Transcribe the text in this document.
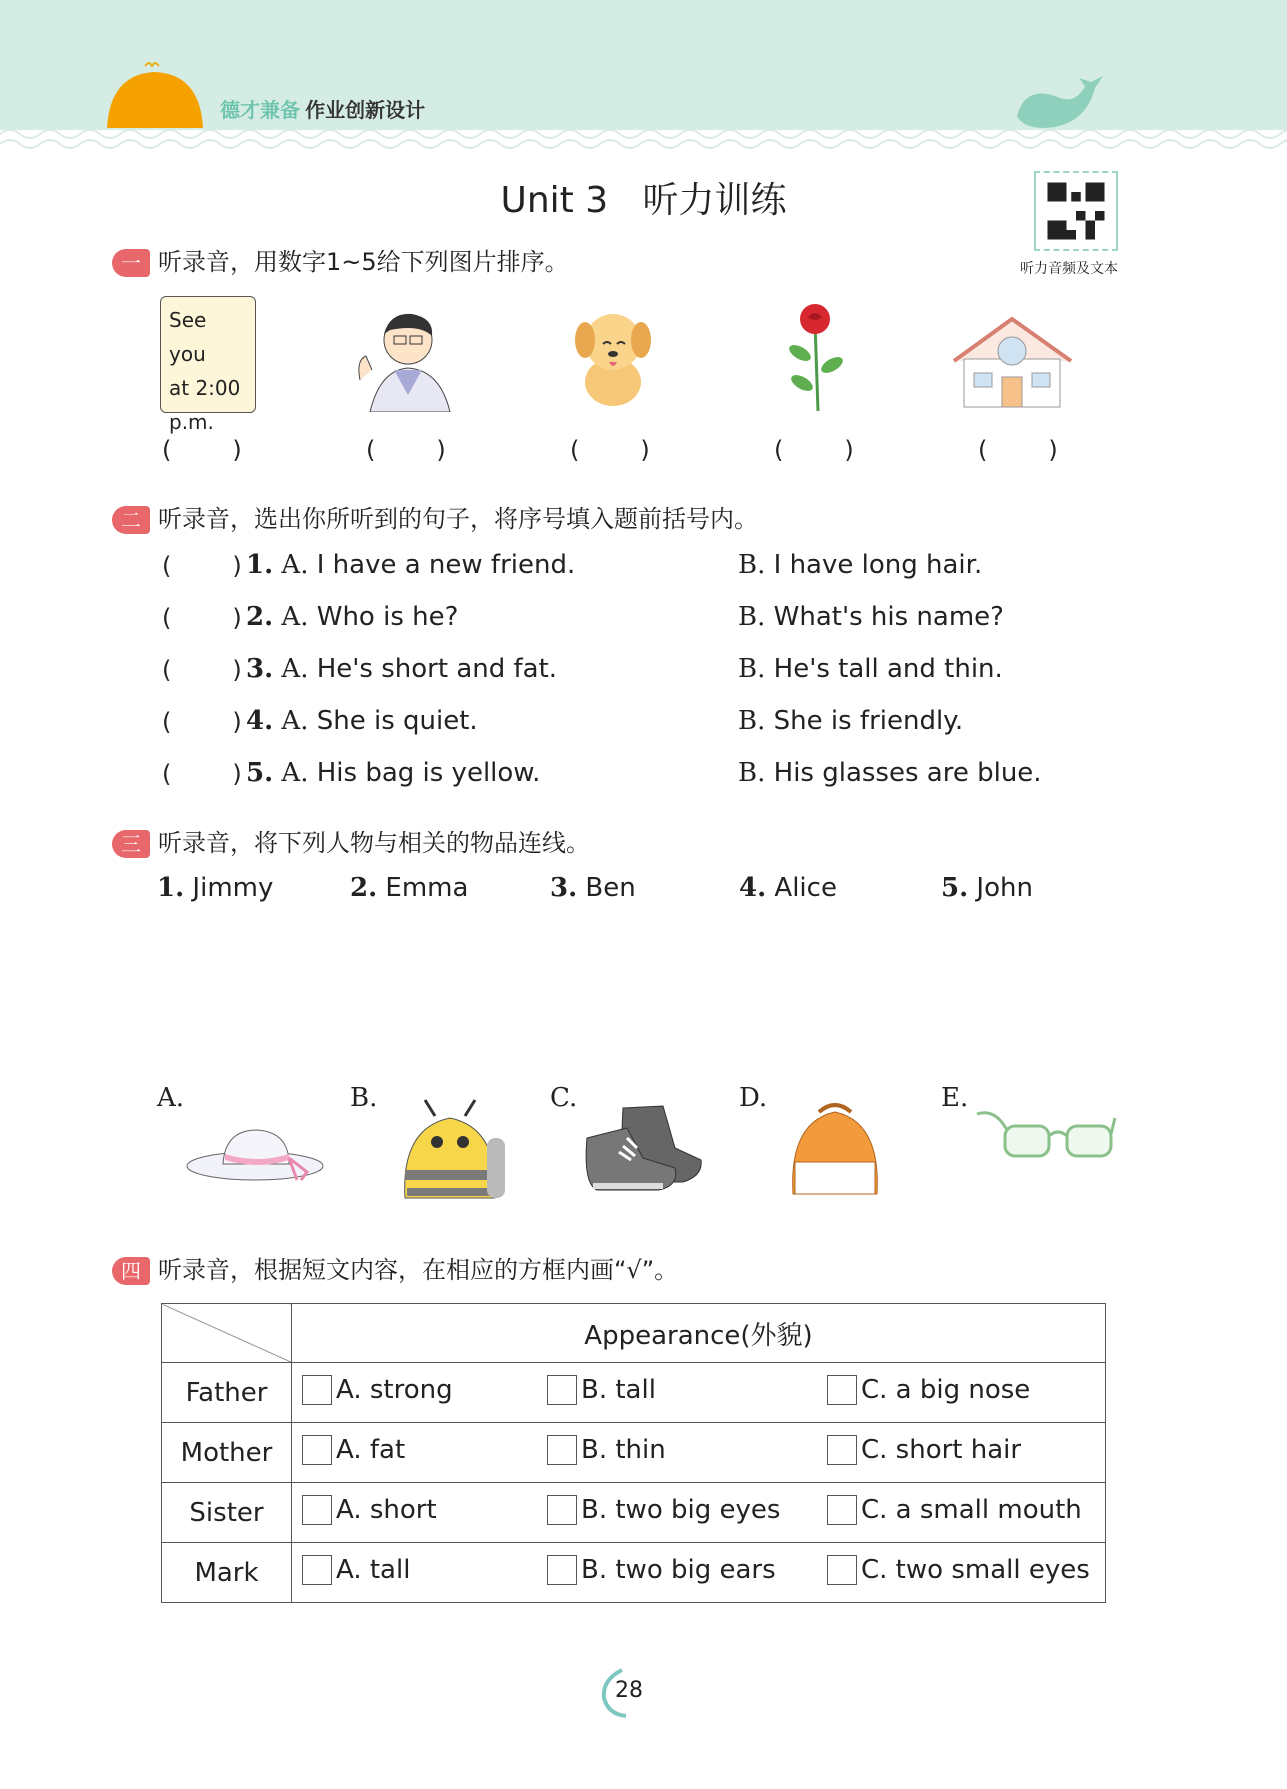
德才兼备 作业创新设计
Unit 3   听力训练
听力音频及文本
一 听录音，用数字1~5给下列图片排序。
See you
at 2:00
p.m.
(        )	(        )	(        )	(        )	(        )
二 听录音，选出你所听到的句子，将序号填入题前括号内。
(        ) 1. A. I have a new friend.	B. I have long hair.
(        ) 2. A. Who is he?	B. What's his name?
(        ) 3. A. He's short and fat.	B. He's tall and thin.
(        ) 4. A. She is quiet.	B. She is friendly.
(        ) 5. A. His bag is yellow.	B. His glasses are blue.
三 听录音，将下列人物与相关的物品连线。
1. Jimmy	2. Emma	3. Ben	4. Alice	5. John
A.	B.	C.	D.	E.
四 听录音，根据短文内容，在相应的方框内画“√”。
	Appearance(外貌)
Father	A. strong B. tall C. a big nose

Mother	A. fat B. thin C. short hair

Sister	A. short B. two big eyes C. a small mouth

Mark	A. tall B. two big ears C. two small eyes
28
